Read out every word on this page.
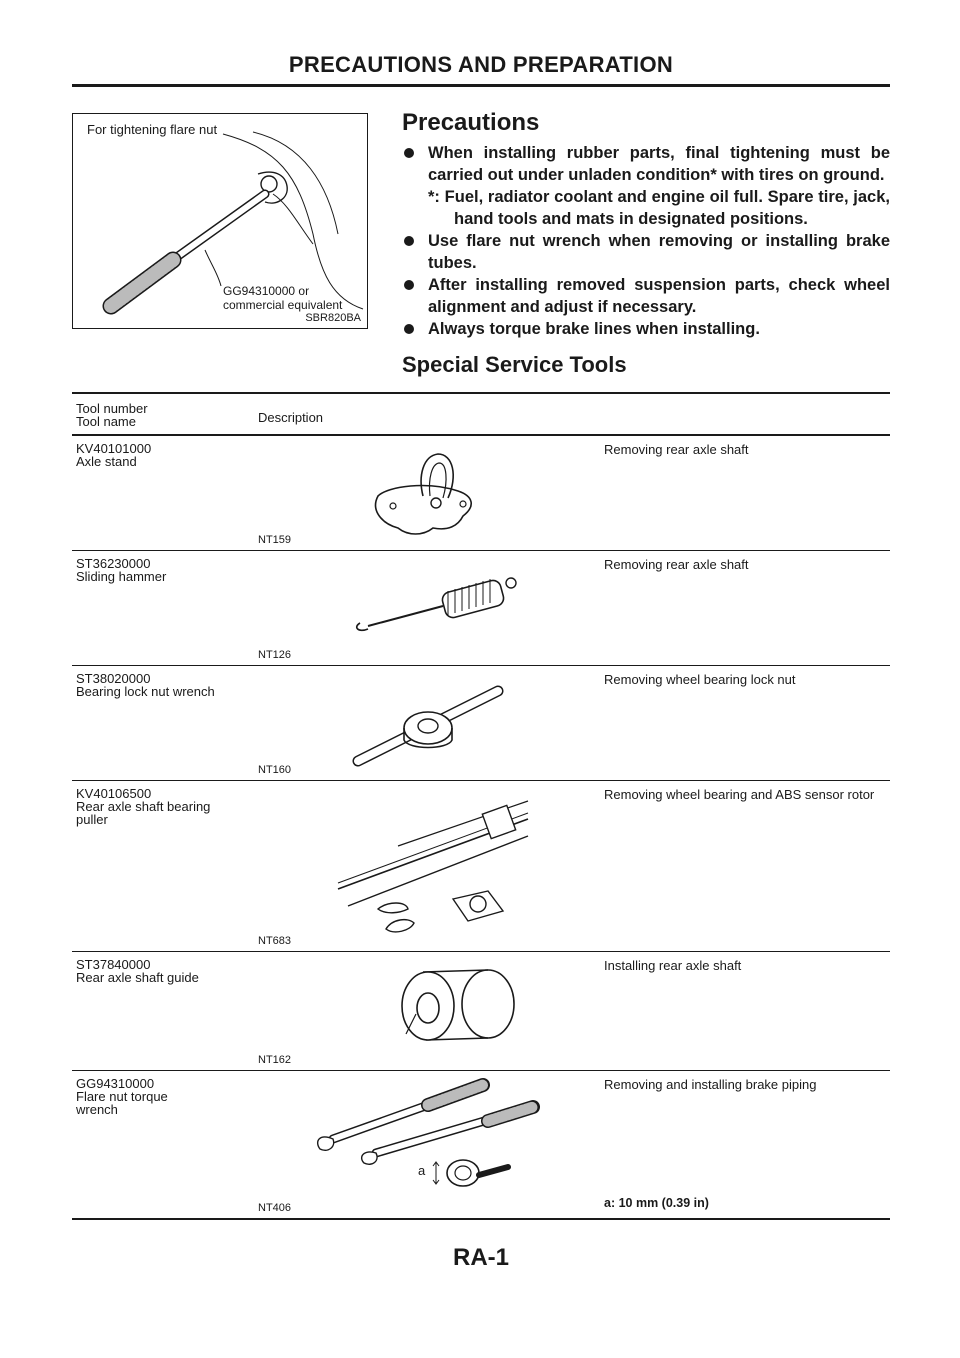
PRECAUTIONS AND PREPARATION
For tightening flare nut
GG94310000 or
commercial equivalent
SBR820BA
Precautions
When installing rubber parts, final tightening must be carried out under unladen condition* with tires on ground.
*: Fuel, radiator coolant and engine oil full. Spare tire, jack, hand tools and mats in designated positions.
Use flare nut wrench when removing or installing brake tubes.
After installing removed suspension parts, check wheel alignment and adjust if necessary.
Always torque brake lines when installing.
Special Service Tools
Tool number
Tool name	Description
KV40101000
Axle stand
NT159
Removing rear axle shaft
ST36230000
Sliding hammer
NT126
Removing rear axle shaft
ST38020000
Bearing lock nut wrench
NT160
Removing wheel bearing lock nut
KV40106500
Rear axle shaft bearing
puller
NT683
Removing wheel bearing and ABS sensor rotor
ST37840000
Rear axle shaft guide
NT162
Installing rear axle shaft
GG94310000
Flare nut torque
wrench
a
NT406
Removing and installing brake piping
a: 10 mm (0.39 in)
RA-1
